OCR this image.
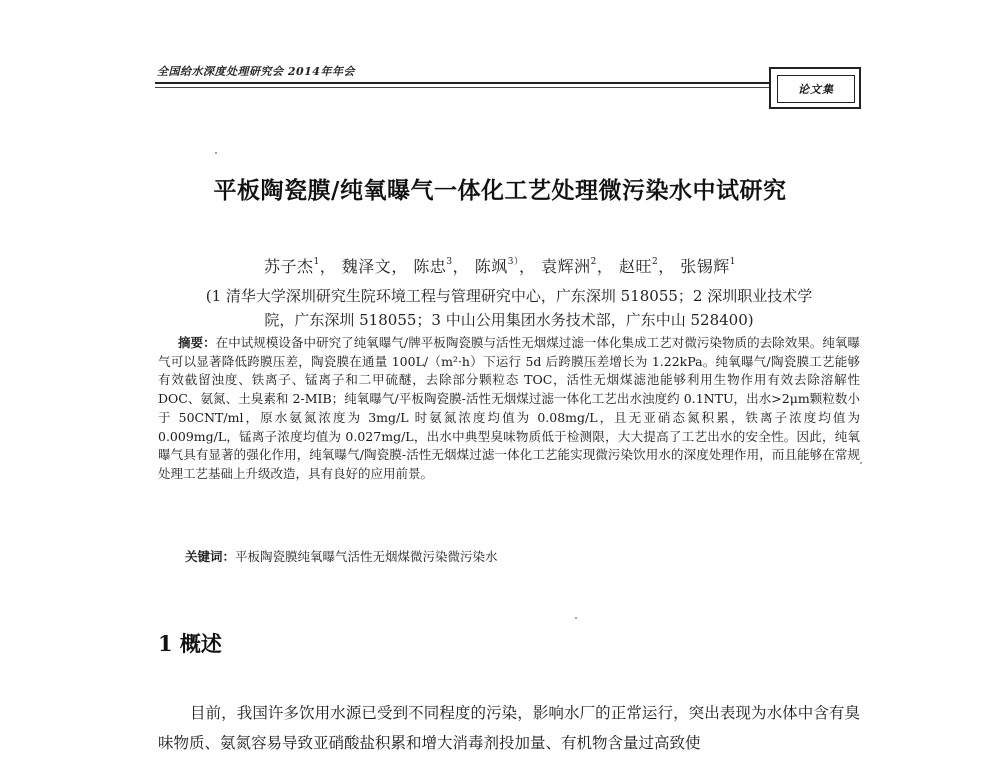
全国给水深度处理研究会 2014年年会
论文集
平板陶瓷膜/纯氧曝气一体化工艺处理微污染水中试研究
苏子杰$^1$， 魏泽文， 陈忠$^3$， 陈飒$^{3)}$， 袁辉洲$^2$， 赵旺$^2$， 张锡辉$^1$
(1 清华大学深圳研究生院环境工程与管理研究中心，广东深圳 518055；2 深圳职业技术学
院，广东深圳 518055；3 中山公用集团水务技术部，广东中山 528400)
摘要：在中试规模设备中研究了纯氧曝气/牌平板陶瓷膜与活性无烟煤过滤一体化集成工艺对微污染物质的去除效果。纯氧曝气可以显著降低跨膜压差，陶瓷膜在通量 100L/（m²·h）下运行 5d 后跨膜压差增长为 1.22kPa。纯氧曝气/陶瓷膜工艺能够有效截留浊度、铁离子、锰离子和二甲硫醚，去除部分颗粒态 TOC，活性无烟煤滤池能够利用生物作用有效去除溶解性 DOC、氨氮、土臭素和 2-MIB；纯氧曝气/平板陶瓷膜-活性无烟煤过滤一体化工艺出水浊度约 0.1NTU，出水>2μm颗粒数小于 50CNT/ml，原水氨氮浓度为 3mg/L 时氨氮浓度均值为 0.08mg/L，且无亚硝态氮积累，铁离子浓度均值为 0.009mg/L，锰离子浓度均值为 0.027mg/L，出水中典型臭味物质低于检测限，大大提高了工艺出水的安全性。因此，纯氧曝气具有显著的强化作用，纯氧曝气/陶瓷膜-活性无烟煤过滤一体化工艺能实现微污染饮用水的深度处理作用，而且能够在常规处理工艺基础上升级改造，具有良好的应用前景。
关键词：平板陶瓷膜纯氧曝气活性无烟煤微污染微污染水
1 概述

目前，我国许多饮用水源已受到不同程度的污染，影响水厂的正常运行，突出表现为水体中含有臭味物质、氨氮容易导致亚硝酸盐积累和增大消毒剂投加量、有机物含量过高致使
